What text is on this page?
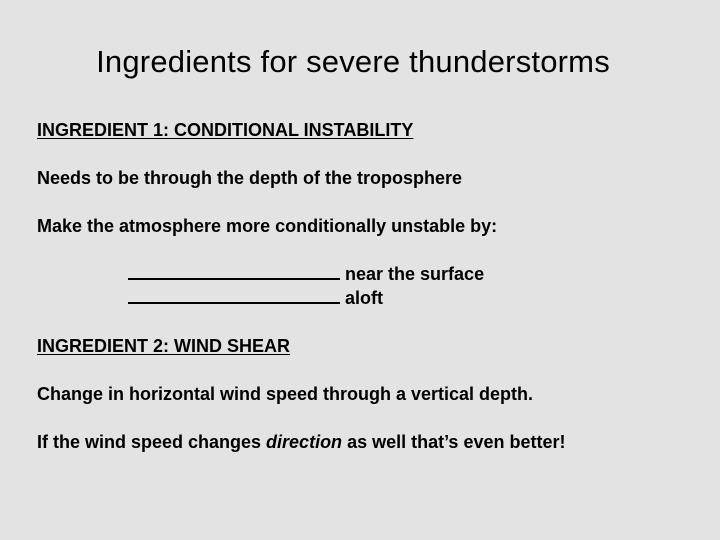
Ingredients for severe thunderstorms
INGREDIENT 1: CONDITIONAL INSTABILITY
Needs to be through the depth of the troposphere
Make the atmosphere more conditionally unstable by:

near the surface

aloft

INGREDIENT 2: WIND SHEAR
Change in horizontal wind speed through a vertical depth.
If the wind speed changes direction as well that’s even better!
